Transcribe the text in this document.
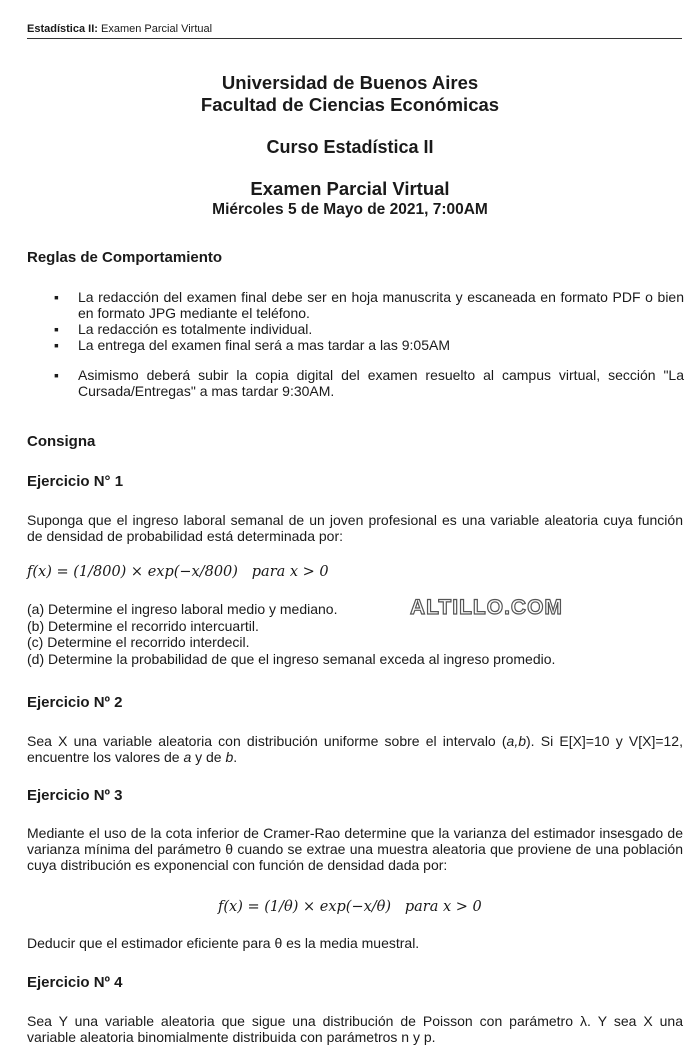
Estadística II: Examen Parcial Virtual
Universidad de Buenos Aires
Facultad de Ciencias Económicas
Curso Estadística II
Examen Parcial Virtual
Miércoles 5 de Mayo de 2021, 7:00AM
Reglas de Comportamiento
▪ La redacción del examen final debe ser en hoja manuscrita y escaneada en formato PDF o bien en formato JPG mediante el teléfono.
▪ La redacción es totalmente individual.
▪ La entrega del examen final será a mas tardar a las 9:05AM
▪ Asimismo deberá subir la copia digital del examen resuelto al campus virtual, sección "La Cursada/Entregas" a mas tardar 9:30AM.
Consigna
Ejercicio N° 1
Suponga que el ingreso laboral semanal de un joven profesional es una variable aleatoria cuya función de densidad de probabilidad está determinada por:
f(x) = (1/800) × exp(−x/800) para x > 0
(a) Determine el ingreso laboral medio y mediano.
(b) Determine el recorrido intercuartil.
(c) Determine el recorrido interdecil.
(d) Determine la probabilidad de que el ingreso semanal exceda al ingreso promedio.
ALTILLO.COM
Ejercicio Nº 2
Sea X una variable aleatoria con distribución uniforme sobre el intervalo (a,b). Si E[X]=10 y V[X]=12, encuentre los valores de a y de b.
Ejercicio Nº 3
Mediante el uso de la cota inferior de Cramer-Rao determine que la varianza del estimador insesgado de varianza mínima del parámetro θ cuando se extrae una muestra aleatoria que proviene de una población cuya distribución es exponencial con función de densidad dada por:
f(x) = (1/θ) × exp(−x/θ) para x > 0
Deducir que el estimador eficiente para θ es la media muestral.
Ejercicio Nº 4
Sea Y una variable aleatoria que sigue una distribución de Poisson con parámetro λ. Y sea X una variable aleatoria binomialmente distribuida con parámetros n y p.
